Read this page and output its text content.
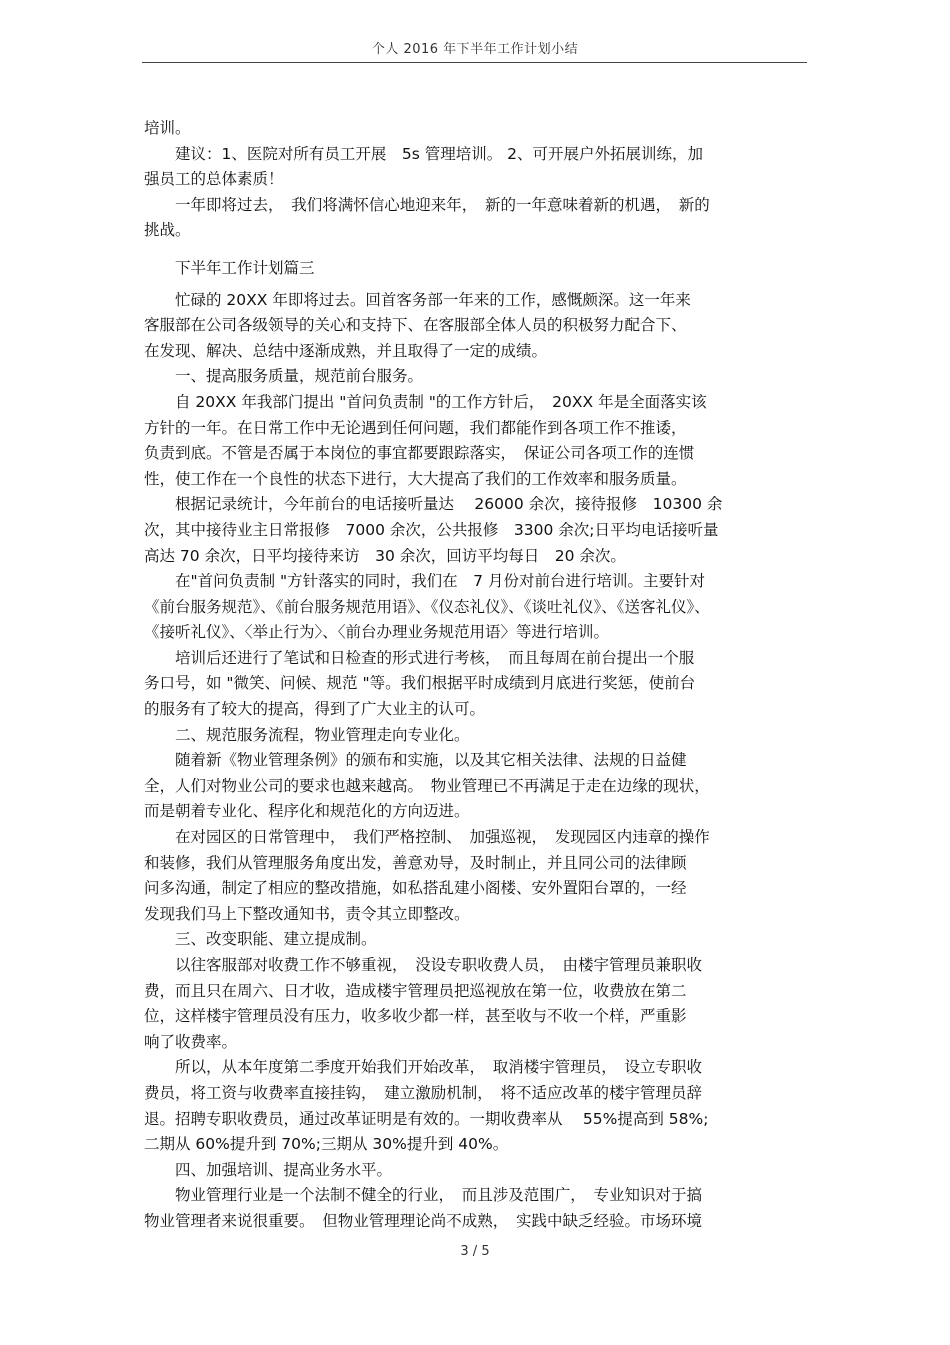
个人 2016 年下半年工作计划小结

培训。

　　建议：1、医院对所有员工开展　5s 管理培训。 2、可开展户外拓展训练，加

强员工的总体素质！

　　一年即将过去，　我们将满怀信心地迎来年，　新的一年意味着新的机遇，　新的

挑战。

　　下半年工作计划篇三

　　忙碌的 20XX 年即将过去。回首客务部一年来的工作，感慨颇深。这一年来

客服部在公司各级领导的关心和支持下、在客服部全体人员的积极努力配合下、

在发现、解决、总结中逐渐成熟，并且取得了一定的成绩。

　　一、提高服务质量，规范前台服务。

　　自 20XX 年我部门提出 "首问负责制 "的工作方针后，　20XX 年是全面落实该

方针的一年。在日常工作中无论遇到任何问题，我们都能作到各项工作不推诿，

负责到底。不管是否属于本岗位的事宜都要跟踪落实，　保证公司各项工作的连惯

性，使工作在一个良性的状态下进行，大大提高了我们的工作效率和服务质量。

　　根据记录统计，今年前台的电话接听量达　 26000 余次，接待报修　10300 余

次，其中接待业主日常报修　7000 余次，公共报修　3300 余次;日平均电话接听量

高达 70 余次，日平均接待来访　30 余次，回访平均每日　20 余次。

　　在"首问负责制 "方针落实的同时，我们在　7 月份对前台进行培训。主要针对

《前台服务规范》、《前台服务规范用语》、《仪态礼仪》、《谈吐礼仪》、《送客礼仪》、

《接听礼仪》、〈举止行为〉、〈前台办理业务规范用语〉等进行培训。

　　培训后还进行了笔试和日检查的形式进行考核，　而且每周在前台提出一个服

务口号，如 "微笑、问候、规范 "等。我们根据平时成绩到月底进行奖惩，使前台

的服务有了较大的提高，得到了广大业主的认可。

　　二、规范服务流程，物业管理走向专业化。

　　随着新《物业管理条例》的颁布和实施，以及其它相关法律、法规的日益健

全，人们对物业公司的要求也越来越高。　物业管理已不再满足于走在边缘的现状，

而是朝着专业化、程序化和规范化的方向迈进。

　　在对园区的日常管理中，　我们严格控制、　加强巡视，　发现园区内违章的操作

和装修，我们从管理服务角度出发，善意劝导，及时制止，并且同公司的法律顾

问多沟通，制定了相应的整改措施，如私搭乱建小阁楼、安外置阳台罩的，一经

发现我们马上下整改通知书，责令其立即整改。

　　三、改变职能、建立提成制。

　　以往客服部对收费工作不够重视，　没设专职收费人员，　由楼宇管理员兼职收

费，而且只在周六、日才收，造成楼宇管理员把巡视放在第一位，收费放在第二

位，这样楼宇管理员没有压力，收多收少都一样，甚至收与不收一个样，严重影

响了收费率。

　　所以，从本年度第二季度开始我们开始改革，　取消楼宇管理员，　设立专职收

费员，将工资与收费率直接挂钩，　建立激励机制，　将不适应改革的楼宇管理员辞

退。招聘专职收费员，通过改革证明是有效的。一期收费率从　 55%提高到 58%;

二期从 60%提升到 70%;三期从 30%提升到 40%。

　　四、加强培训、提高业务水平。

　　物业管理行业是一个法制不健全的行业，　而且涉及范围广，　专业知识对于搞

物业管理者来说很重要。　但物业管理理论尚不成熟，　实践中缺乏经验。市场环境

3 / 5
